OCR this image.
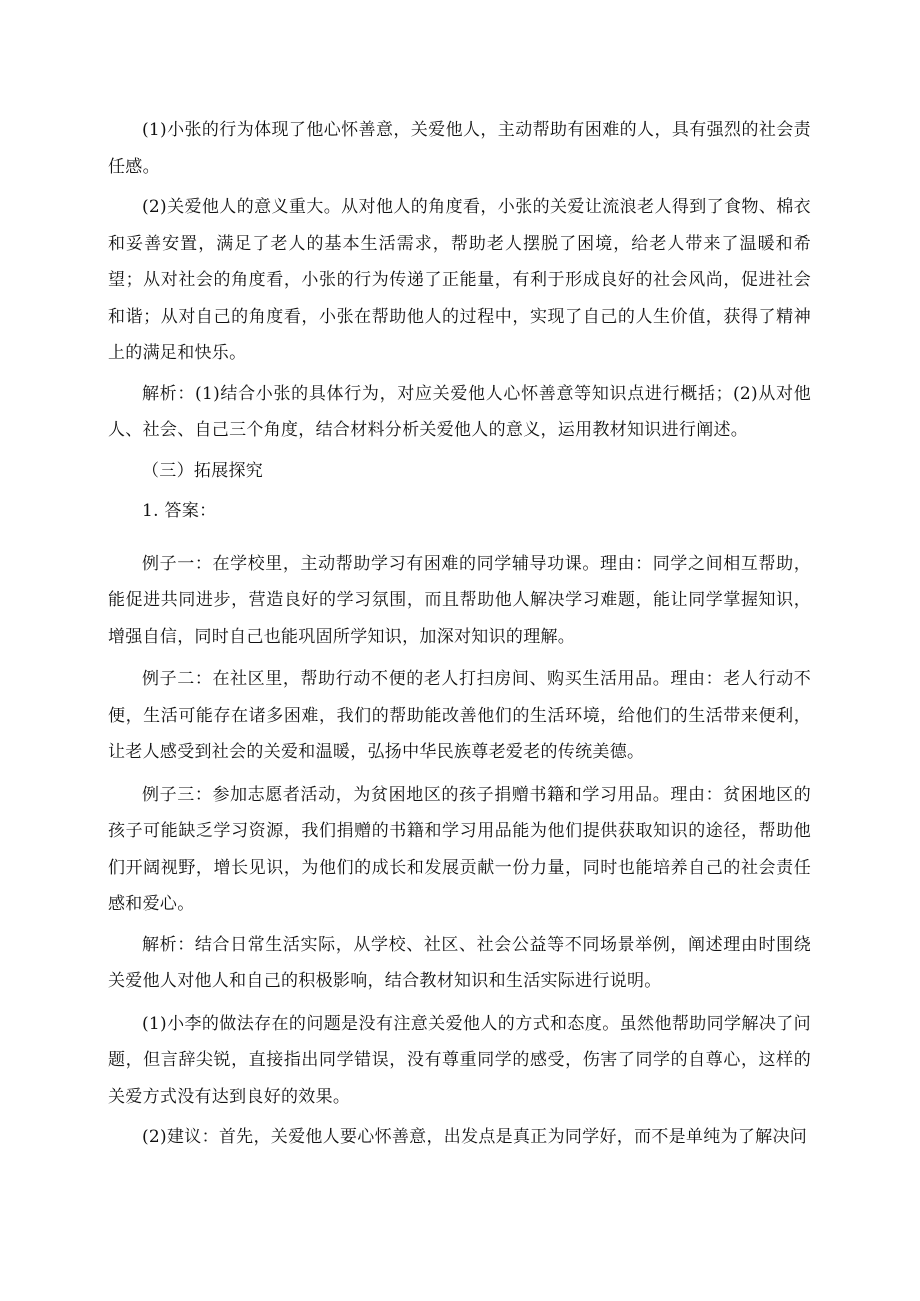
(1)小张的行为体现了他心怀善意，关爱他人，主动帮助有困难的人，具有强烈的社会责任感。

(2)关爱他人的意义重大。从对他人的角度看，小张的关爱让流浪老人得到了食物、棉衣和妥善安置，满足了老人的基本生活需求，帮助老人摆脱了困境，给老人带来了温暖和希望；从对社会的角度看，小张的行为传递了正能量，有利于形成良好的社会风尚，促进社会和谐；从对自己的角度看，小张在帮助他人的过程中，实现了自己的人生价值，获得了精神上的满足和快乐。

解析：(1)结合小张的具体行为，对应关爱他人心怀善意等知识点进行概括；(2)从对他人、社会、自己三个角度，结合材料分析关爱他人的意义，运用教材知识进行阐述。

（三）拓展探究

1. 答案：

例子一：在学校里，主动帮助学习有困难的同学辅导功课。理由：同学之间相互帮助，能促进共同进步，营造良好的学习氛围，而且帮助他人解决学习难题，能让同学掌握知识，增强自信，同时自己也能巩固所学知识，加深对知识的理解。

例子二：在社区里，帮助行动不便的老人打扫房间、购买生活用品。理由：老人行动不便，生活可能存在诸多困难，我们的帮助能改善他们的生活环境，给他们的生活带来便利，让老人感受到社会的关爱和温暖，弘扬中华民族尊老爱老的传统美德。

例子三：参加志愿者活动，为贫困地区的孩子捐赠书籍和学习用品。理由：贫困地区的孩子可能缺乏学习资源，我们捐赠的书籍和学习用品能为他们提供获取知识的途径，帮助他们开阔视野，增长见识，为他们的成长和发展贡献一份力量，同时也能培养自己的社会责任感和爱心。

解析：结合日常生活实际，从学校、社区、社会公益等不同场景举例，阐述理由时围绕关爱他人对他人和自己的积极影响，结合教材知识和生活实际进行说明。

(1)小李的做法存在的问题是没有注意关爱他人的方式和态度。虽然他帮助同学解决了问题，但言辞尖锐，直接指出同学错误，没有尊重同学的感受，伤害了同学的自尊心，这样的关爱方式没有达到良好的效果。

(2)建议：首先，关爱他人要心怀善意，出发点是真正为同学好，而不是单纯为了解决问
